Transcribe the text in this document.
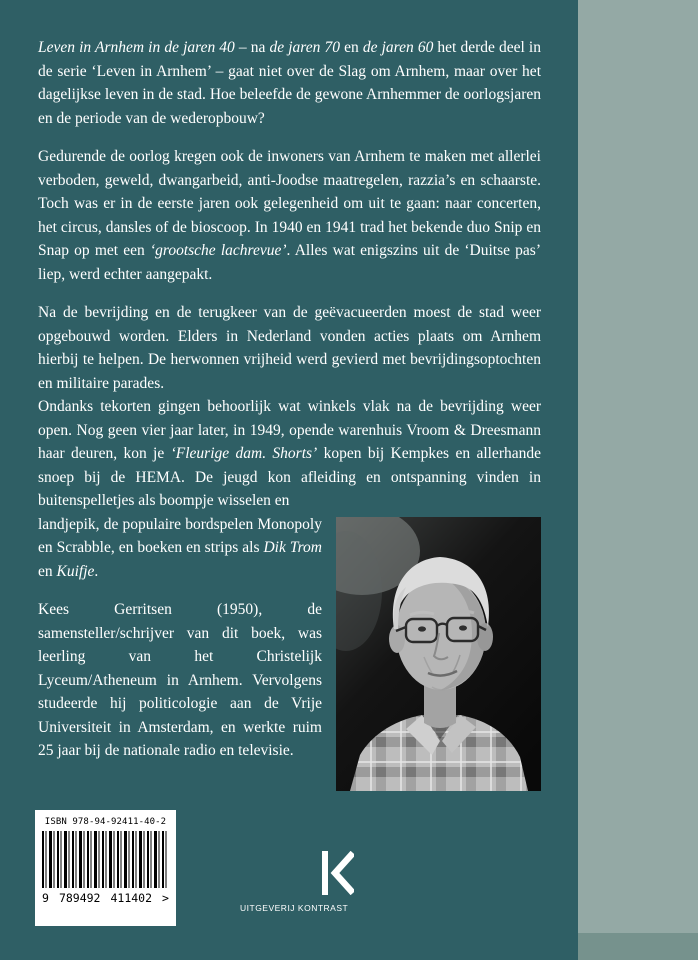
Leven in Arnhem in de jaren 40 – na de jaren 70 en de jaren 60 het derde deel in de serie ‘Leven in Arnhem’ – gaat niet over de Slag om Arnhem, maar over het dagelijkse leven in de stad. Hoe beleefde de gewone Arnhemmer de oorlogsjaren en de periode van de wederopbouw?

Gedurende de oorlog kregen ook de inwoners van Arnhem te maken met allerlei verboden, geweld, dwangarbeid, anti-Joodse maatregelen, razzia’s en schaarste. Toch was er in de eerste jaren ook gelegenheid om uit te gaan: naar concerten, het circus, dansles of de bioscoop. In 1940 en 1941 trad het bekende duo Snip en Snap op met een ‘grootsche lachrevue’. Alles wat enigszins uit de ‘Duitse pas’ liep, werd echter aangepakt.

Na de bevrijding en de terugkeer van de geëvacueerden moest de stad weer opgebouwd worden. Elders in Nederland vonden acties plaats om Arnhem hierbij te helpen. De herwonnen vrijheid werd gevierd met bevrijdingsoptochten en militaire parades.

Ondanks tekorten gingen behoorlijk wat winkels vlak na de bevrijding weer open. Nog geen vier jaar later, in 1949, opende warenhuis Vroom & Dreesmann haar deuren, kon je ‘Fleurige dam. Shorts’ kopen bij Kempkes en allerhande snoep bij de HEMA. De jeugd kon afleiding en ontspanning vinden in buitenspelletjes als boompje wisselen en

landjepik, de populaire bordspelen Monopoly en Scrabble, en boeken en strips als Dik Trom en Kuifje.

Kees Gerritsen (1950), de samensteller/schrijver van dit boek, was leerling van het Christelijk Lyceum/Atheneum in Arnhem. Vervolgens studeerde hij politicologie aan de Vrije Universiteit in Amsterdam, en werkte ruim 25 jaar bij de nationale radio en televisie.

ISBN 978-94-92411-40-2
9 789492 411402 >
UITGEVERIJ KONTRAST
